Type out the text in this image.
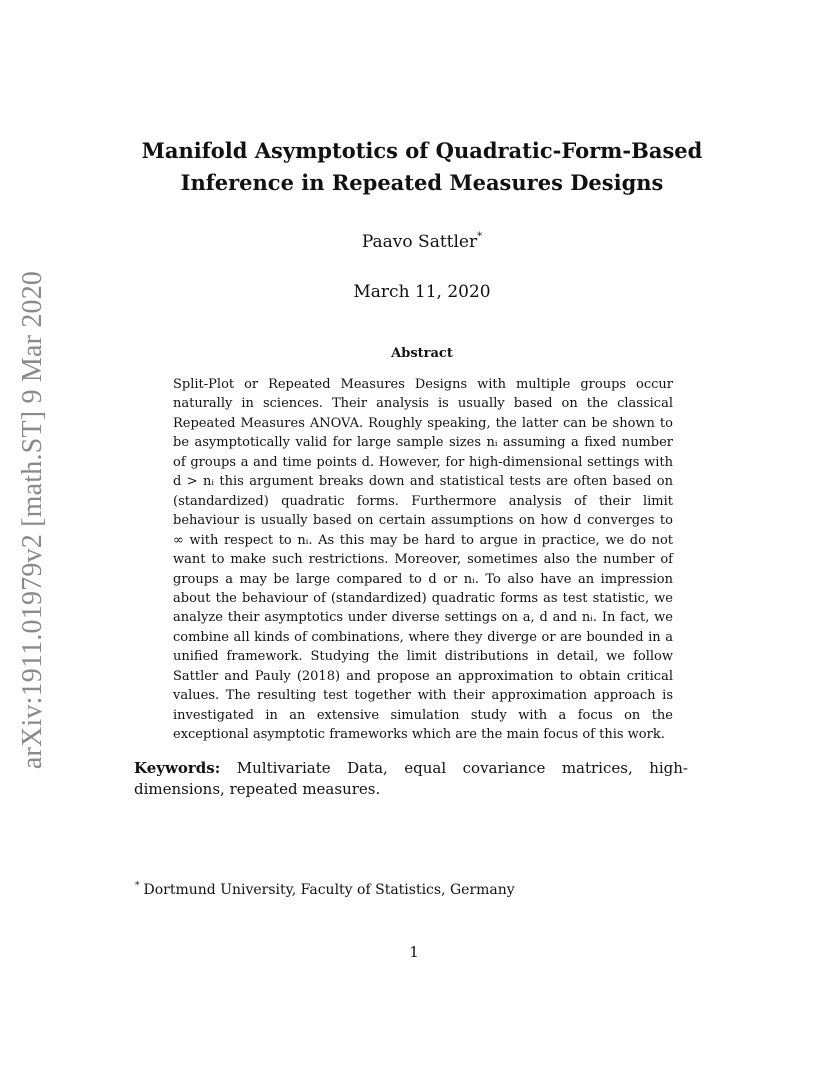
arXiv:1911.01979v2 [math.ST] 9 Mar 2020
Manifold Asymptotics of Quadratic-Form-Based Inference in Repeated Measures Designs
Paavo Sattler*
March 11, 2020
Abstract
Split-Plot or Repeated Measures Designs with multiple groups occur naturally in sciences. Their analysis is usually based on the classical Repeated Measures ANOVA. Roughly speaking, the latter can be shown to be asymptotically valid for large sample sizes nᵢ assuming a fixed number of groups a and time points d. However, for high-dimensional settings with d > nᵢ this argument breaks down and statistical tests are often based on (standardized) quadratic forms. Furthermore analysis of their limit behaviour is usually based on certain assumptions on how d converges to ∞ with respect to nᵢ. As this may be hard to argue in practice, we do not want to make such restrictions. Moreover, sometimes also the number of groups a may be large compared to d or nᵢ. To also have an impression about the behaviour of (standardized) quadratic forms as test statistic, we analyze their asymptotics under diverse settings on a, d and nᵢ. In fact, we combine all kinds of combinations, where they diverge or are bounded in a unified framework. Studying the limit distributions in detail, we follow Sattler and Pauly (2018) and propose an approximation to obtain critical values. The resulting test together with their approximation approach is investigated in an extensive simulation study with a focus on the exceptional asymptotic frameworks which are the main focus of this work.
Keywords: Multivariate Data, equal covariance matrices, high-dimensions, repeated measures.
* Dortmund University, Faculty of Statistics, Germany
1
